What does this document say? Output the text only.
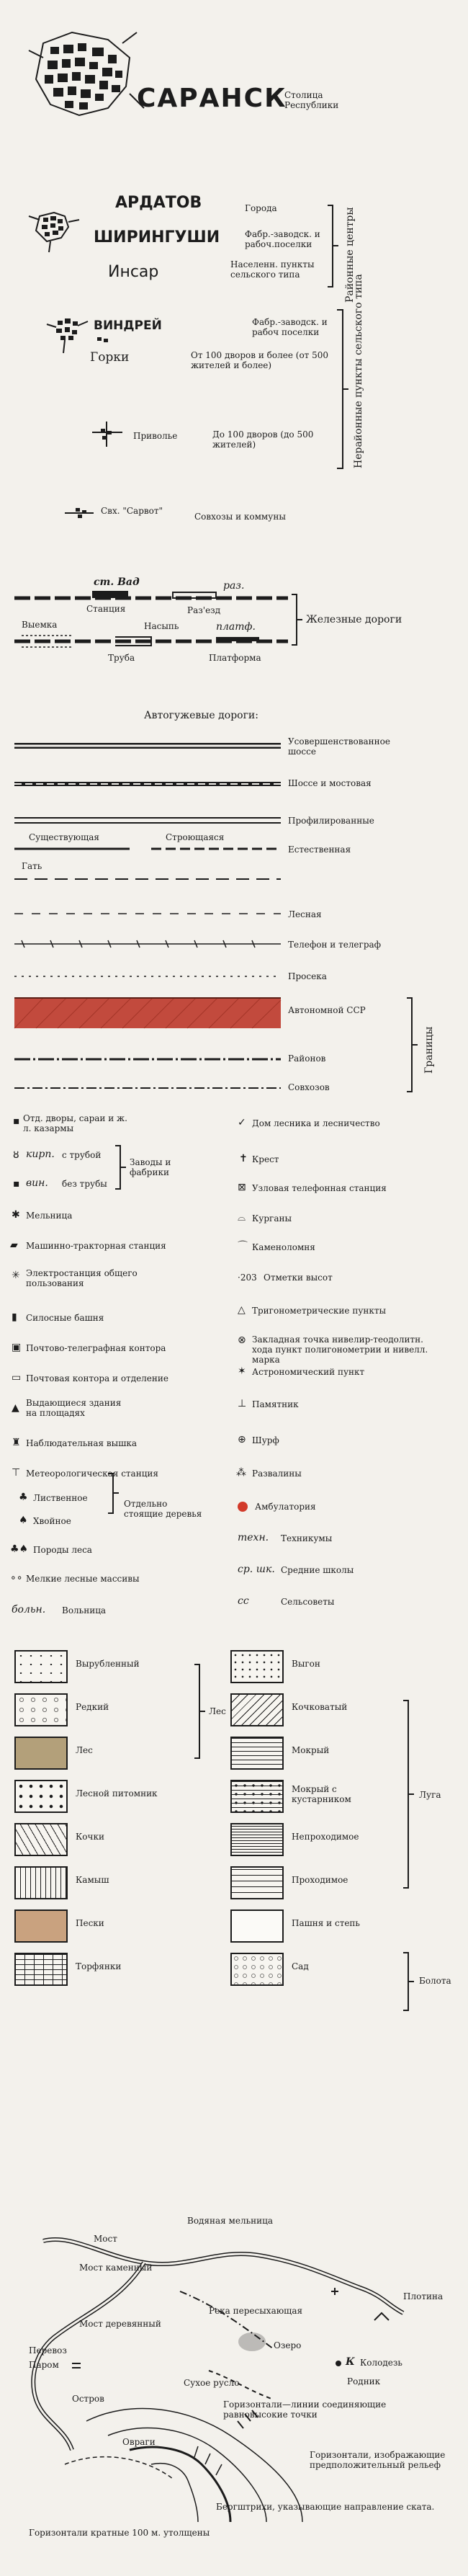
САРАНСК
Столица Республики
АРДАТОВ
ШИРИНГУШИ
Инсар
Города
Фабр.-заводск. и рабоч.поселки
Населенн. пункты сельского типа	Районные центры
ВИНДРЕЙ
Горки
Приволье
Фабр.-заводск. и рабоч поселки
От 100 дворов и более (от 500 жителей и более)
До 100 дворов (до 500 жителей)	Нерайонные пункты сельского типа
Свх. "Сарвот"
Совхозы и коммуны
ст. Вад
Станция
раз.
Раз'езд
Выемка	Насыпь
Труба
платф.
Платформа
Железные дороги
Автогужевые дороги:
Усовершенствованное шоссе
Шоссе и мостовая
Профилированные
Существующая	Строющаяся
Естественная
Гать
Лесная
Телефон и телеграф
Просека
Автономной ССР
Районов
Совхозов
Границы
▪ Отд. дворы, сараи и ж. л. казармы
ȣ кирп. с трубой
▪ вин. без трубы
Заводы и фабрики
✱ Мельница
▰ Машинно-тракторная станция
✳ Электростанция общего пользования
▮ Силосные башня
▣ Почтово-телеграфная контора
▭ Почтовая контора и отделение
▲ Выдающиеся здания на площадях
♜ Наблюдательная вышка
⊤ Метеорологическая станция
♣ Лиственное
♠ Хвойное
Отдельно стоящие деревья
♣♠ Породы леса
∘∘ Мелкие лесные массивы
больн. Вольница
✓ Дом лесника и лесничество
✝ Крест
⊠ Узловая телефонная станция
⌓ Курганы
⌒ Каменоломня
·203 Отметки высот
△ Тригонометрические пункты
⊗ Закладная точка нивелир-теодолитн. хода пункт полигонометрии и нивелл. марка
✶ Астрономический пункт
⊥ Памятник
⊕ Шурф
⁂ Развалины
Амбулатория
техн. Техникумы
ср. шк. Средние школы
сс	Сельсоветы
Вырубленный
Редкий
Лес
Лесной питомник
Кочки
Камыш
Пески
Торфянки
Лес
Выгон
Кочковатый
Мокрый
Мокрый с кустарником
Непроходимое
Проходимое
Пашня и степь
Сад
Луга
Болота
Водяная мельница
Мост
Мост каменный
Плотина
Мост деревянный
Река пересыхающая
Перевоз
Паром
Озеро
К Колодезь
Сухое русло	Родник
Остров
Овраги
Горизонтали—линии соединяющие равновысокие точки
Горизонтали, изображающие предположительный рельеф
Бергштрихи, указывающие направление ската.
Горизонтали кратные 100 м. утолщены
